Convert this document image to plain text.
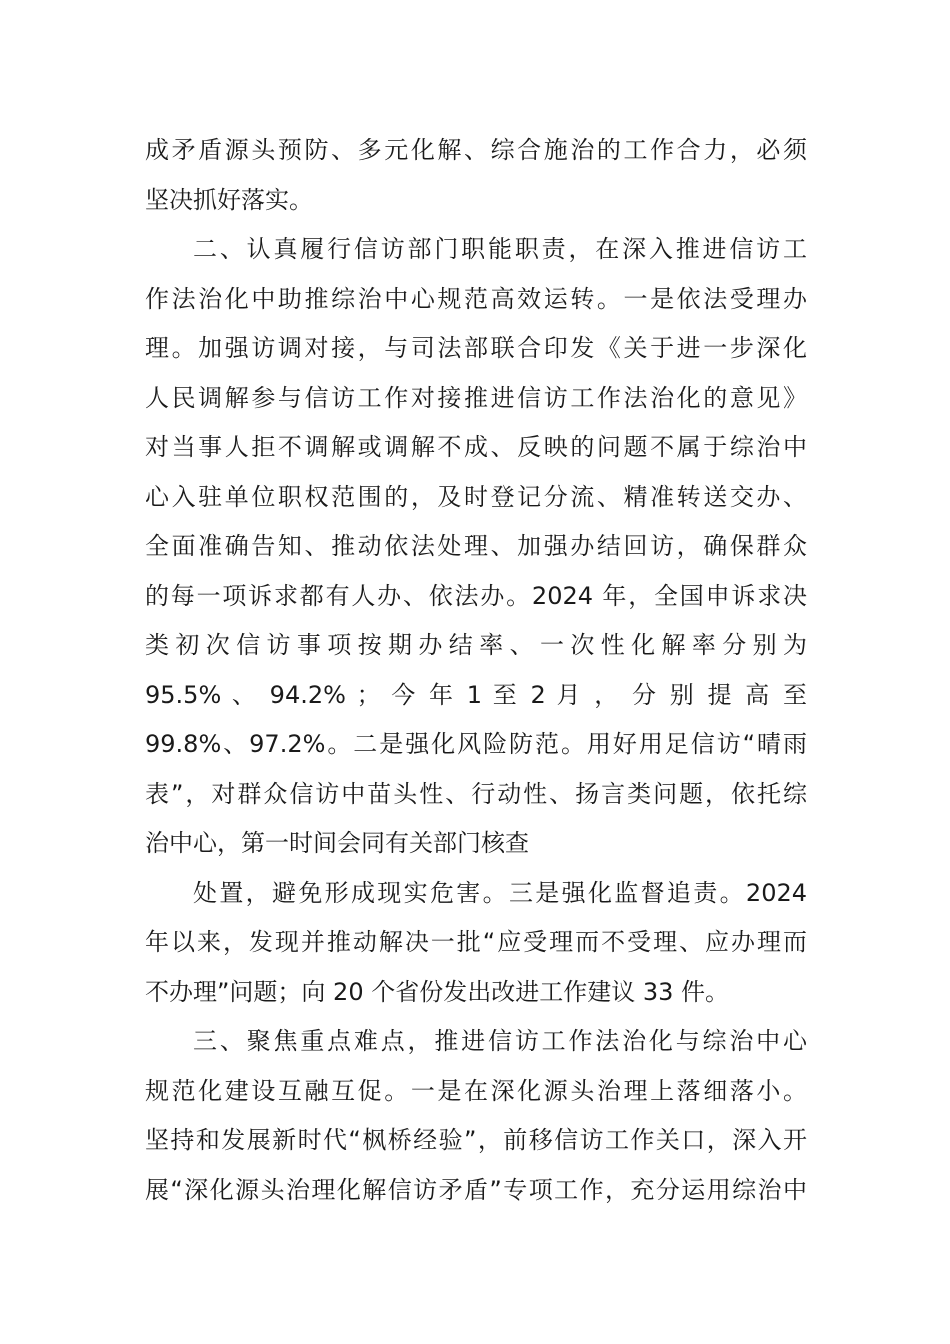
成矛盾源头预防、多元化解、综合施治的工作合力，必须
坚决抓好落实。
二、认真履行信访部门职能职责，在深入推进信访工
作法治化中助推综治中心规范高效运转。一是依法受理办
理。加强访调对接，与司法部联合印发《关于进一步深化
人民调解参与信访工作对接推进信访工作法治化的意见》
对当事人拒不调解或调解不成、反映的问题不属于综治中
心入驻单位职权范围的，及时登记分流、精准转送交办、
全面准确告知、推动依法处理、加强办结回访，确保群众
的每一项诉求都有人办、依法办。2024 年，全国申诉求决
类初次信访事项按期办结率、一次性化解率分别为
95.5% 、 94.2% ； 今 年 1 至 2 月 ， 分 别 提 高 至
99.8%、97.2%。二是强化风险防范。用好用足信访“晴雨
表”，对群众信访中苗头性、行动性、扬言类问题，依托综
治中心，第一时间会同有关部门核查
处置，避免形成现实危害。三是强化监督追责。2024
年以来，发现并推动解决一批“应受理而不受理、应办理而
不办理”问题；向 20 个省份发出改进工作建议 33 件。
三、聚焦重点难点，推进信访工作法治化与综治中心
规范化建设互融互促。一是在深化源头治理上落细落小。
坚持和发展新时代“枫桥经验”，前移信访工作关口，深入开
展“深化源头治理化解信访矛盾”专项工作，充分运用综治中
